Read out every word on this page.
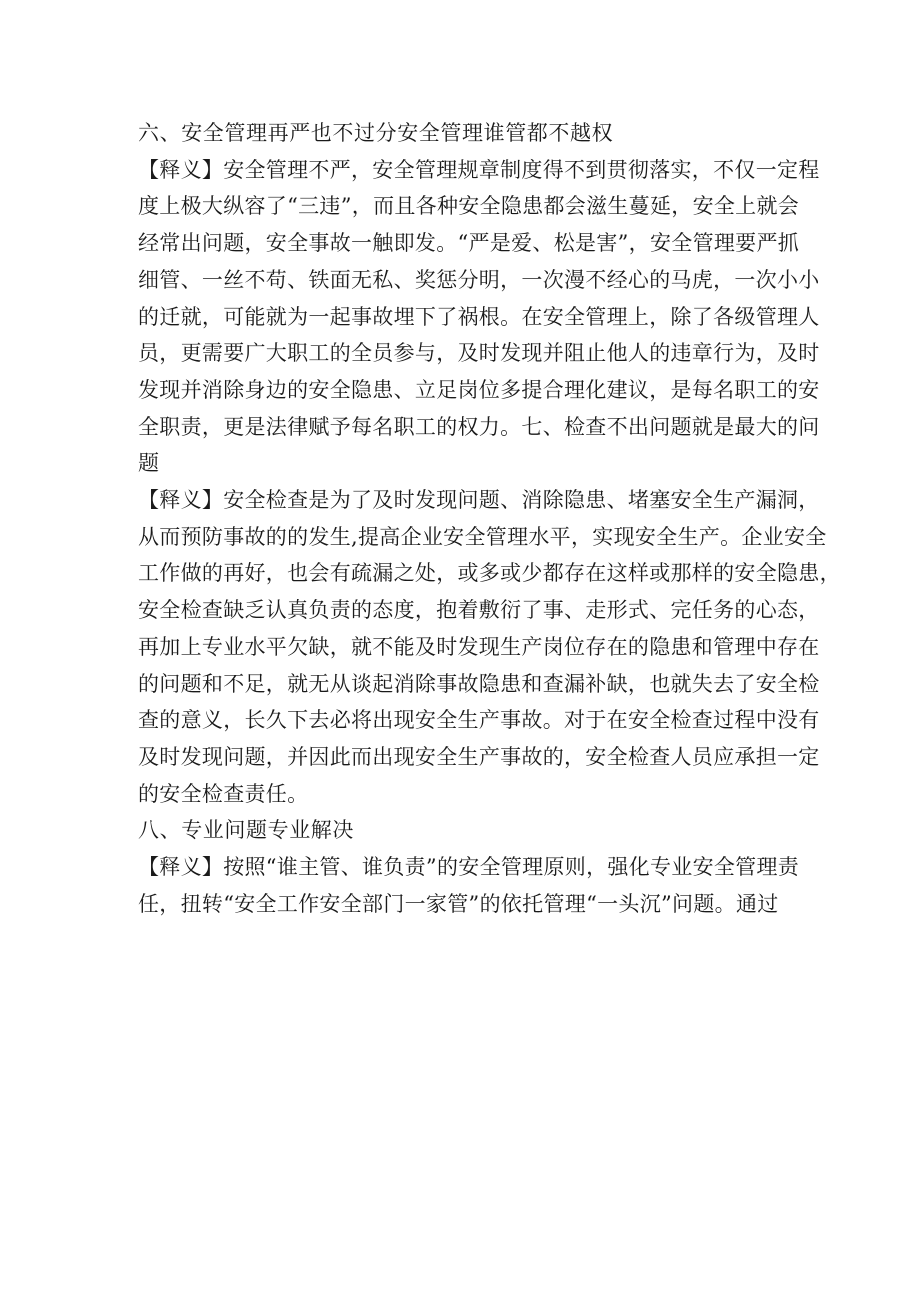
六、安全管理再严也不过分安全管理谁管都不越权
【释义】安全管理不严，安全管理规章制度得不到贯彻落实，不仅一定程
度上极大纵容了“三违”，而且各种安全隐患都会滋生蔓延，安全上就会
经常出问题，安全事故一触即发。“严是爱、松是害”，安全管理要严抓
细管、一丝不苟、铁面无私、奖惩分明，一次漫不经心的马虎，一次小小
的迁就，可能就为一起事故埋下了祸根。在安全管理上，除了各级管理人
员，更需要广大职工的全员参与，及时发现并阻止他人的违章行为，及时
发现并消除身边的安全隐患、立足岗位多提合理化建议，是每名职工的安
全职责，更是法律赋予每名职工的权力。七、检查不出问题就是最大的问
题
【释义】安全检查是为了及时发现问题、消除隐患、堵塞安全生产漏洞，
从而预防事故的的发生,提高企业安全管理水平，实现安全生产。企业安全
工作做的再好，也会有疏漏之处，或多或少都存在这样或那样的安全隐患，
安全检查缺乏认真负责的态度，抱着敷衍了事、走形式、完任务的心态，
再加上专业水平欠缺，就不能及时发现生产岗位存在的隐患和管理中存在
的问题和不足，就无从谈起消除事故隐患和查漏补缺，也就失去了安全检
查的意义，长久下去必将出现安全生产事故。对于在安全检查过程中没有
及时发现问题，并因此而出现安全生产事故的，安全检查人员应承担一定
的安全检查责任。
八、专业问题专业解决
【释义】按照“谁主管、谁负责”的安全管理原则，强化专业安全管理责
任，扭转“安全工作安全部门一家管”的依托管理“一头沉”问题。通过
